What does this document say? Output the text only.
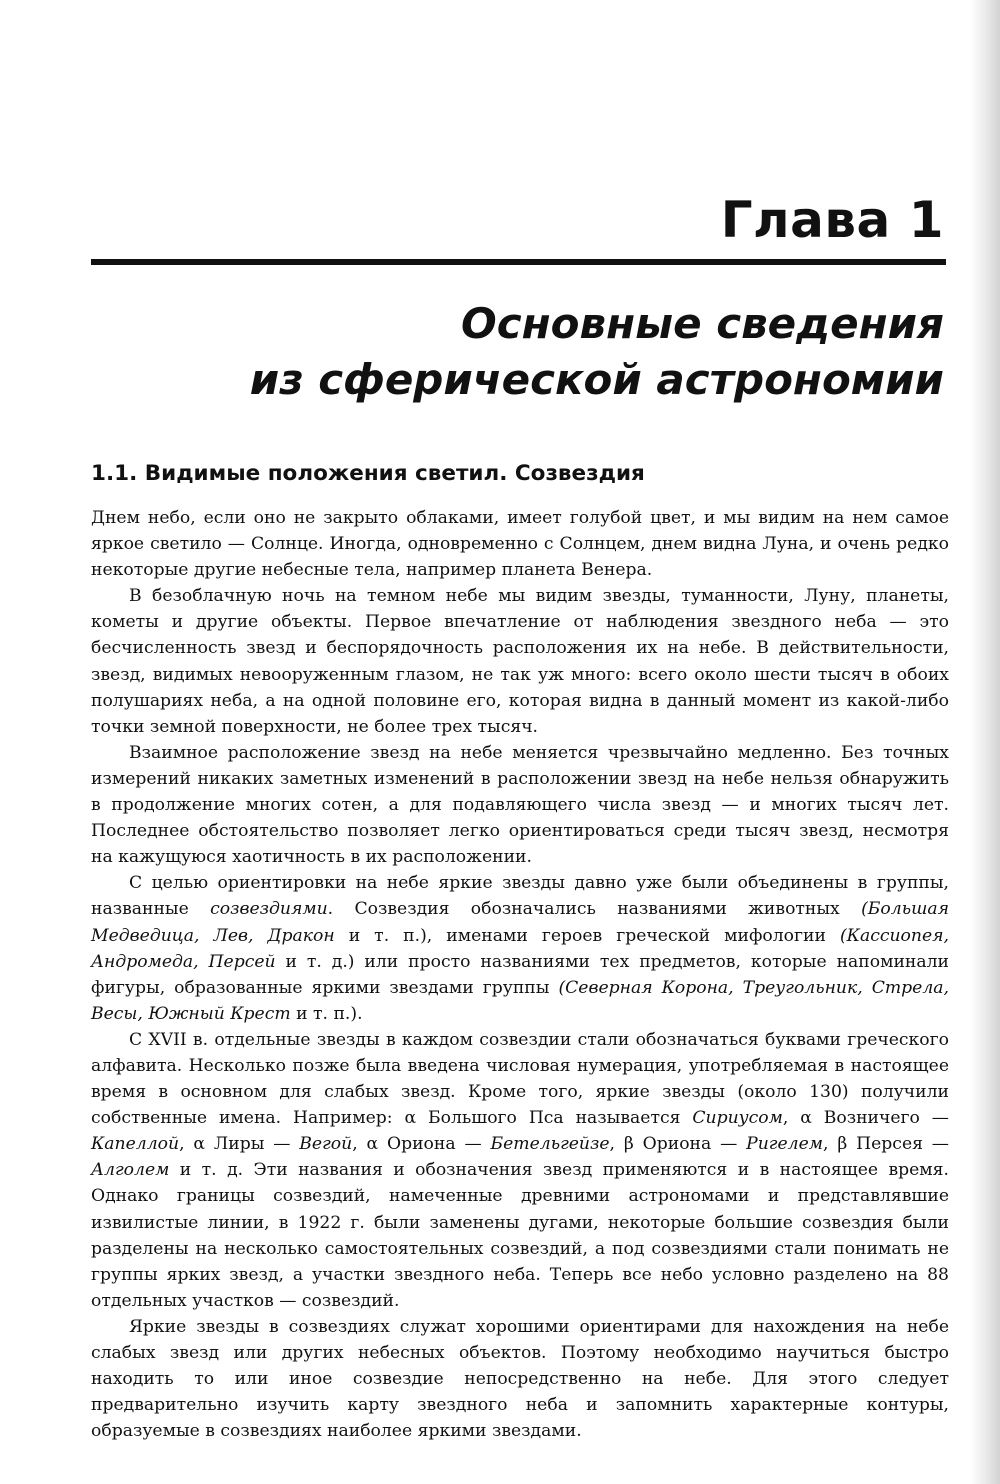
Глава 1
Основные сведения
из сферической астрономии
1.1. Видимые положения светил. Созвездия

Днем небо, если оно не закрыто облаками, имеет голубой цвет, и мы видим на нем самое яркое светило — Солнце. Иногда, одновременно с Солнцем, днем видна Луна, и очень редко некоторые другие небесные тела, например планета Венера.

В безоблачную ночь на темном небе мы видим звезды, туманности, Луну, планеты, кометы и другие объекты. Первое впечатление от наблюдения звездного неба — это бесчисленность звезд и беспорядочность расположения их на небе. В действительности, звезд, видимых невооруженным глазом, не так уж много: всего около шести тысяч в обоих полушариях неба, а на одной половине его, которая видна в данный момент из какой-либо точки земной поверхности, не более трех тысяч.

Взаимное расположение звезд на небе меняется чрезвычайно медленно. Без точных измерений никаких заметных изменений в расположении звезд на небе нельзя обнаружить в продолжение многих сотен, а для подавляющего числа звезд — и многих тысяч лет. Последнее обстоятельство позволяет легко ориентироваться среди тысяч звезд, несмотря на кажущуюся хаотичность в их расположении.

С целью ориентировки на небе яркие звезды давно уже были объединены в группы, названные созвездиями. Созвездия обозначались названиями животных (Большая Медведица, Лев, Дракон и т. п.), именами героев греческой мифологии (Кассиопея, Андромеда, Персей и т. д.) или просто названиями тех предметов, которые напоминали фигуры, образованные яркими звездами группы (Северная Корона, Треугольник, Стрела, Весы, Южный Крест и т. п.).

С XVII в. отдельные звезды в каждом созвездии стали обозначаться буквами греческого алфавита. Несколько позже была введена числовая нумерация, употребляемая в настоящее время в основном для слабых звезд. Кроме того, яркие звезды (около 130) получили собственные имена. Например: α Большого Пса называется Сириусом, α Возничего — Капеллой, α Лиры — Вегой, α Ориона — Бетельгейзе, β Ориона — Ригелем, β Персея — Алголем и т. д. Эти названия и обозначения звезд применяются и в настоящее время. Однако границы созвездий, намеченные древними астрономами и представлявшие извилистые линии, в 1922 г. были заменены дугами, некоторые большие созвездия были разделены на несколько самостоятельных созвездий, а под созвездиями стали понимать не группы ярких звезд, а участки звездного неба. Теперь все небо условно разделено на 88 отдельных участков — созвездий.

Яркие звезды в созвездиях служат хорошими ориентирами для нахождения на небе слабых звезд или других небесных объектов. Поэтому необходимо научиться быстро находить то или иное созвездие непосредственно на небе. Для этого следует предварительно изучить карту звездного неба и запомнить характерные контуры, образуемые в созвездиях наиболее яркими звездами.
